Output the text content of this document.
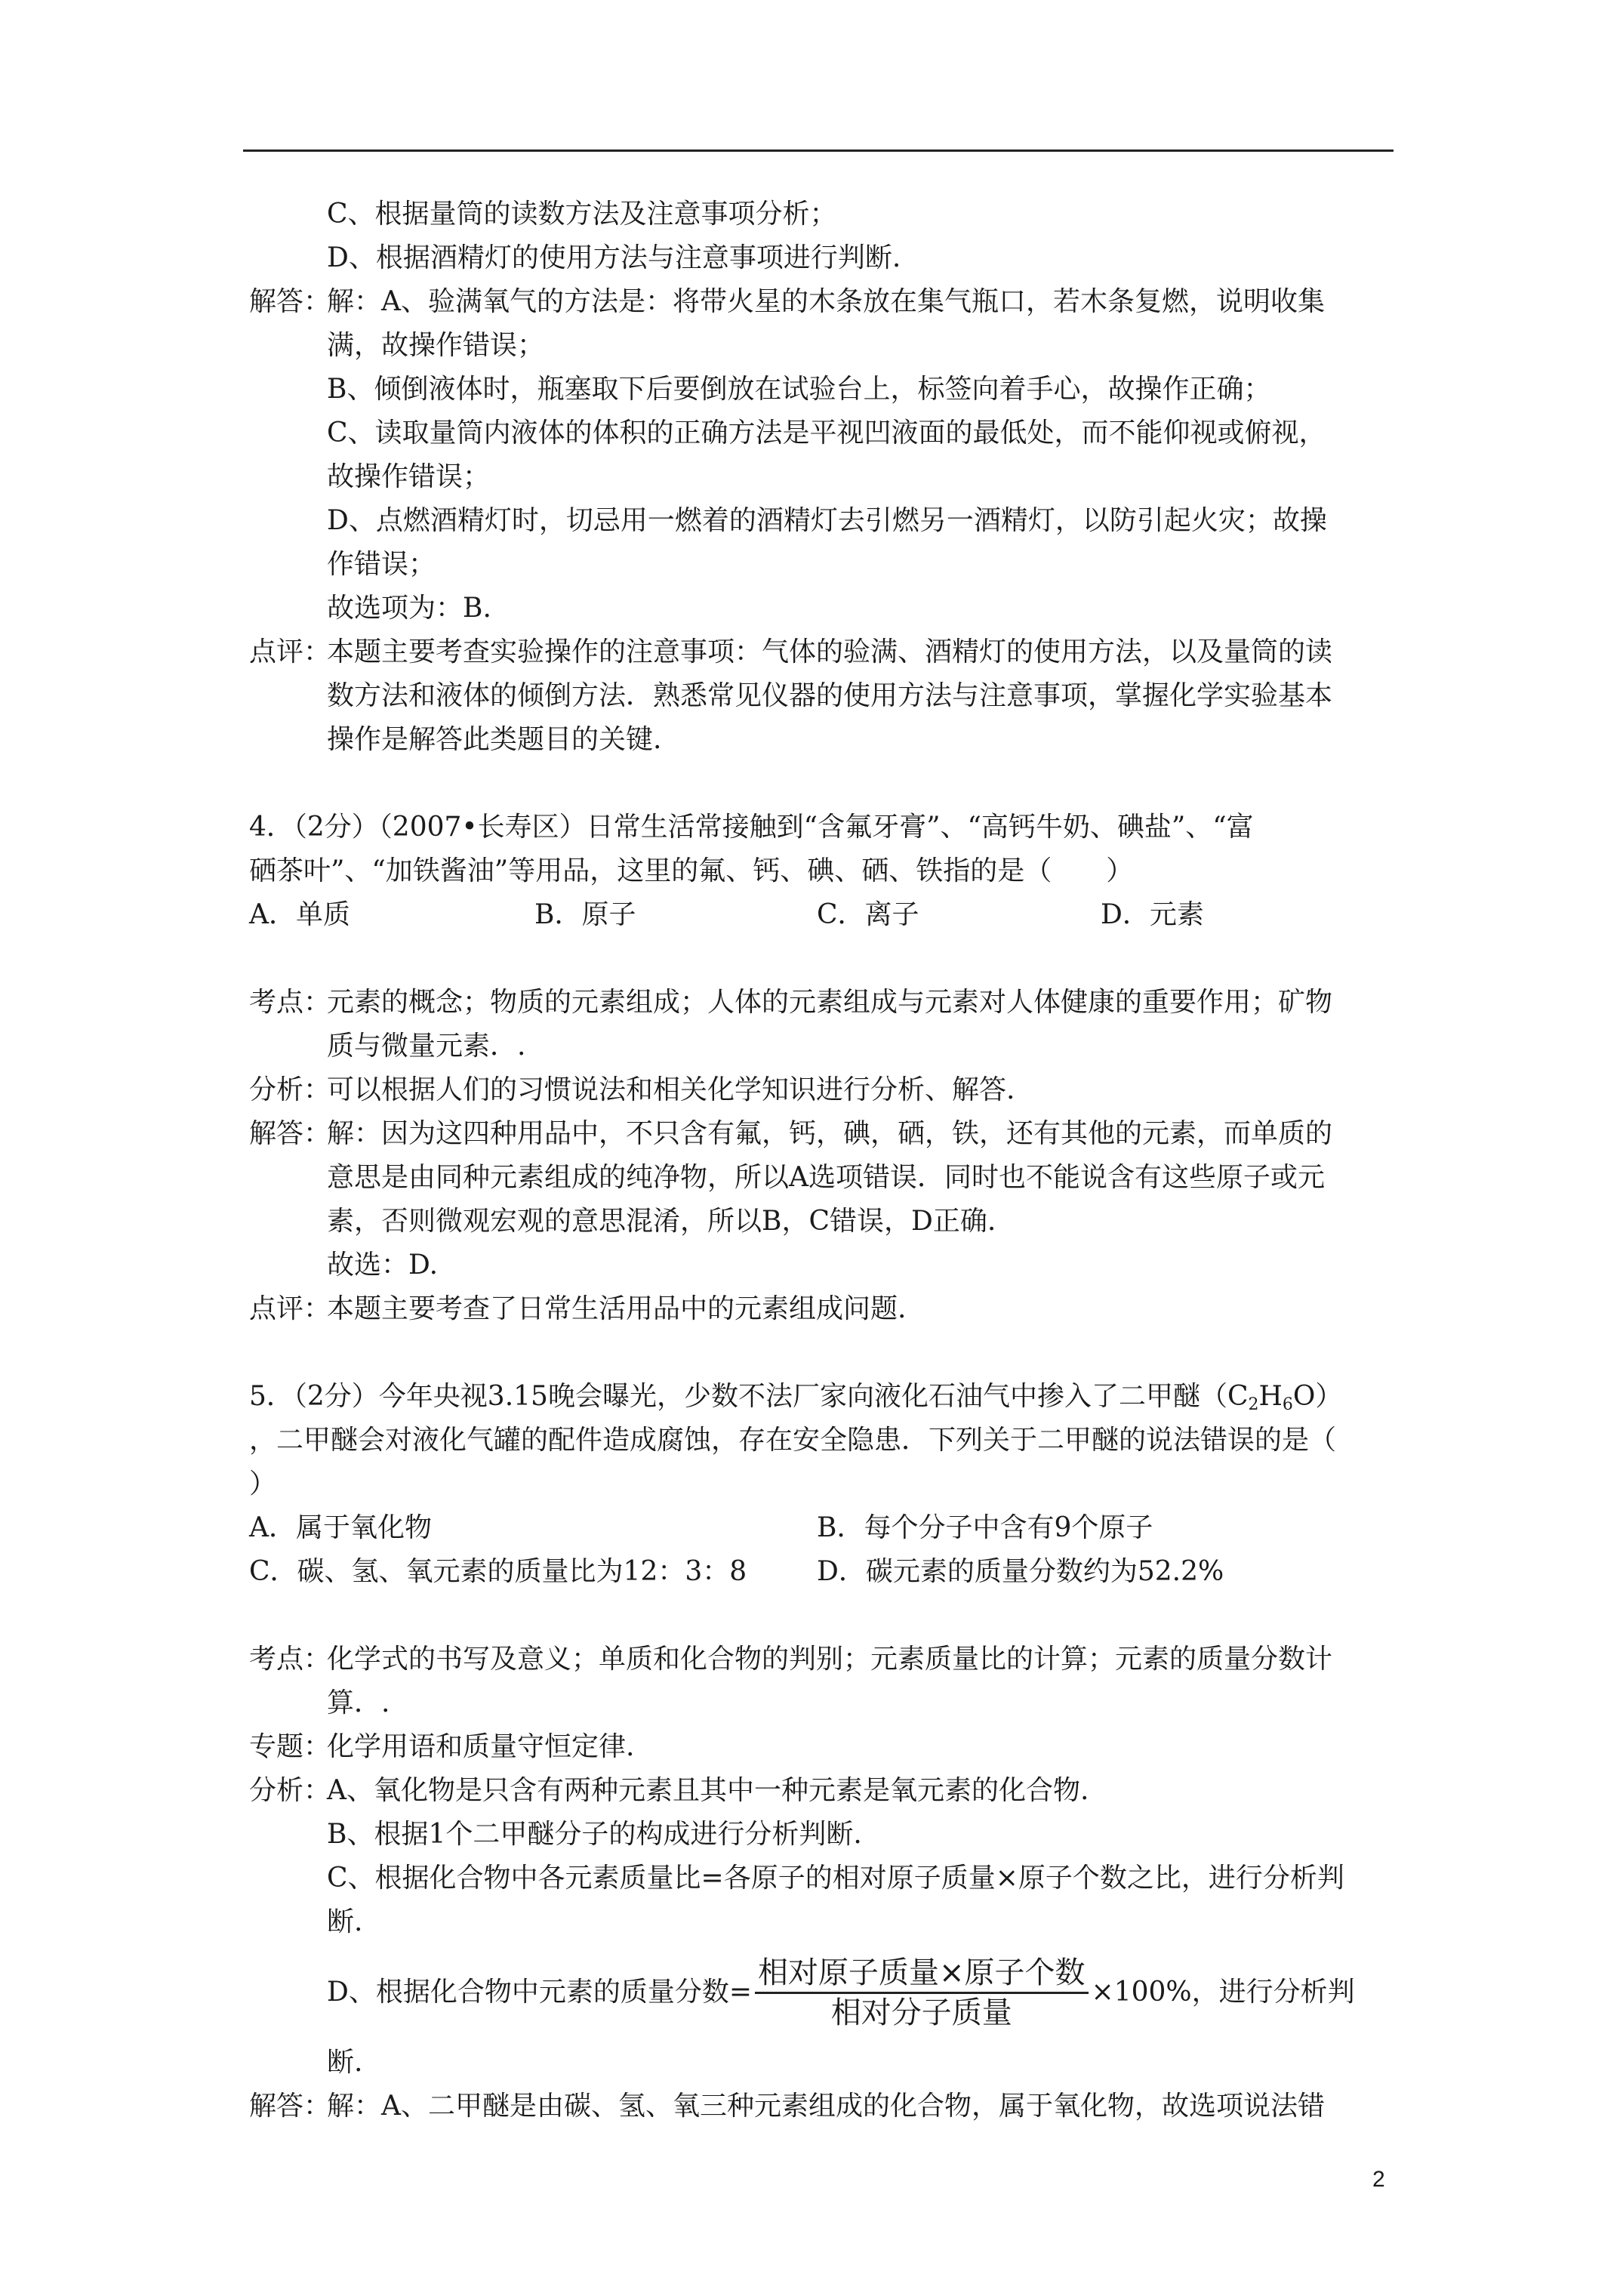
C、根据量筒的读数方法及注意事项分析；
D、根据酒精灯的使用方法与注意事项进行判断.
解答：
解：A、验满氧气的方法是：将带火星的木条放在集气瓶口，若木条复燃，说明收集
满，故操作错误；
B、倾倒液体时，瓶塞取下后要倒放在试验台上，标签向着手心，故操作正确；
C、读取量筒内液体的体积的正确方法是平视凹液面的最低处，而不能仰视或俯视，
故操作错误；
D、点燃酒精灯时，切忌用一燃着的酒精灯去引燃另一酒精灯，以防引起火灾；故操
作错误；
故选项为：B.
点评：
本题主要考查实验操作的注意事项：气体的验满、酒精灯的使用方法，以及量筒的读
数方法和液体的倾倒方法．熟悉常见仪器的使用方法与注意事项，掌握化学实验基本
操作是解答此类题目的关键.
4．（2分）（2007•长寿区）日常生活常接触到“含氟牙膏”、“高钙牛奶、碘盐”、“富
硒茶叶”、“加铁酱油”等用品，这里的氟、钙、碘、硒、铁指的是（　　）
A．单质	B．原子	C．离子	D．元素
考点：
元素的概念；物质的元素组成；人体的元素组成与元素对人体健康的重要作用；矿物
质与微量元素．.
分析：
可以根据人们的习惯说法和相关化学知识进行分析、解答.
解答：
解：因为这四种用品中，不只含有氟，钙，碘，硒，铁，还有其他的元素，而单质的
意思是由同种元素组成的纯净物，所以A选项错误．同时也不能说含有这些原子或元
素，否则微观宏观的意思混淆，所以B，C错误，D正确.
故选：D.
点评：
本题主要考查了日常生活用品中的元素组成问题.
5．（2分）今年央视3.15晚会曝光，少数不法厂家向液化石油气中掺入了二甲醚$(C_2H_6O)$
，二甲醚会对液化气罐的配件造成腐蚀，存在安全隐患．下列关于二甲醚的说法错误的是（
）
A．属于氧化物	B．每个分子中含有9个原子
C．碳、氢、氧元素的质量比为12：3：8	D．碳元素的质量分数约为52.2%
考点：
化学式的书写及意义；单质和化合物的判别；元素质量比的计算；元素的质量分数计
算．.
专题：
化学用语和质量守恒定律.
分析：
A、氧化物是只含有两种元素且其中一种元素是氧元素的化合物.
B、根据1个二甲醚分子的构成进行分析判断.
C、根据化合物中各元素质量比=各原子的相对原子质量×原子个数之比，进行分析判
断.
D、根据化合物中元素的质量分数= $\frac{\text{相对原子质量×原子个数}}{\text{相对分子质量}} \times 100\%$，进行分析判
断.
解答：
解：A、二甲醚是由碳、氢、氧三种元素组成的化合物，属于氧化物，故选项说法错
2
